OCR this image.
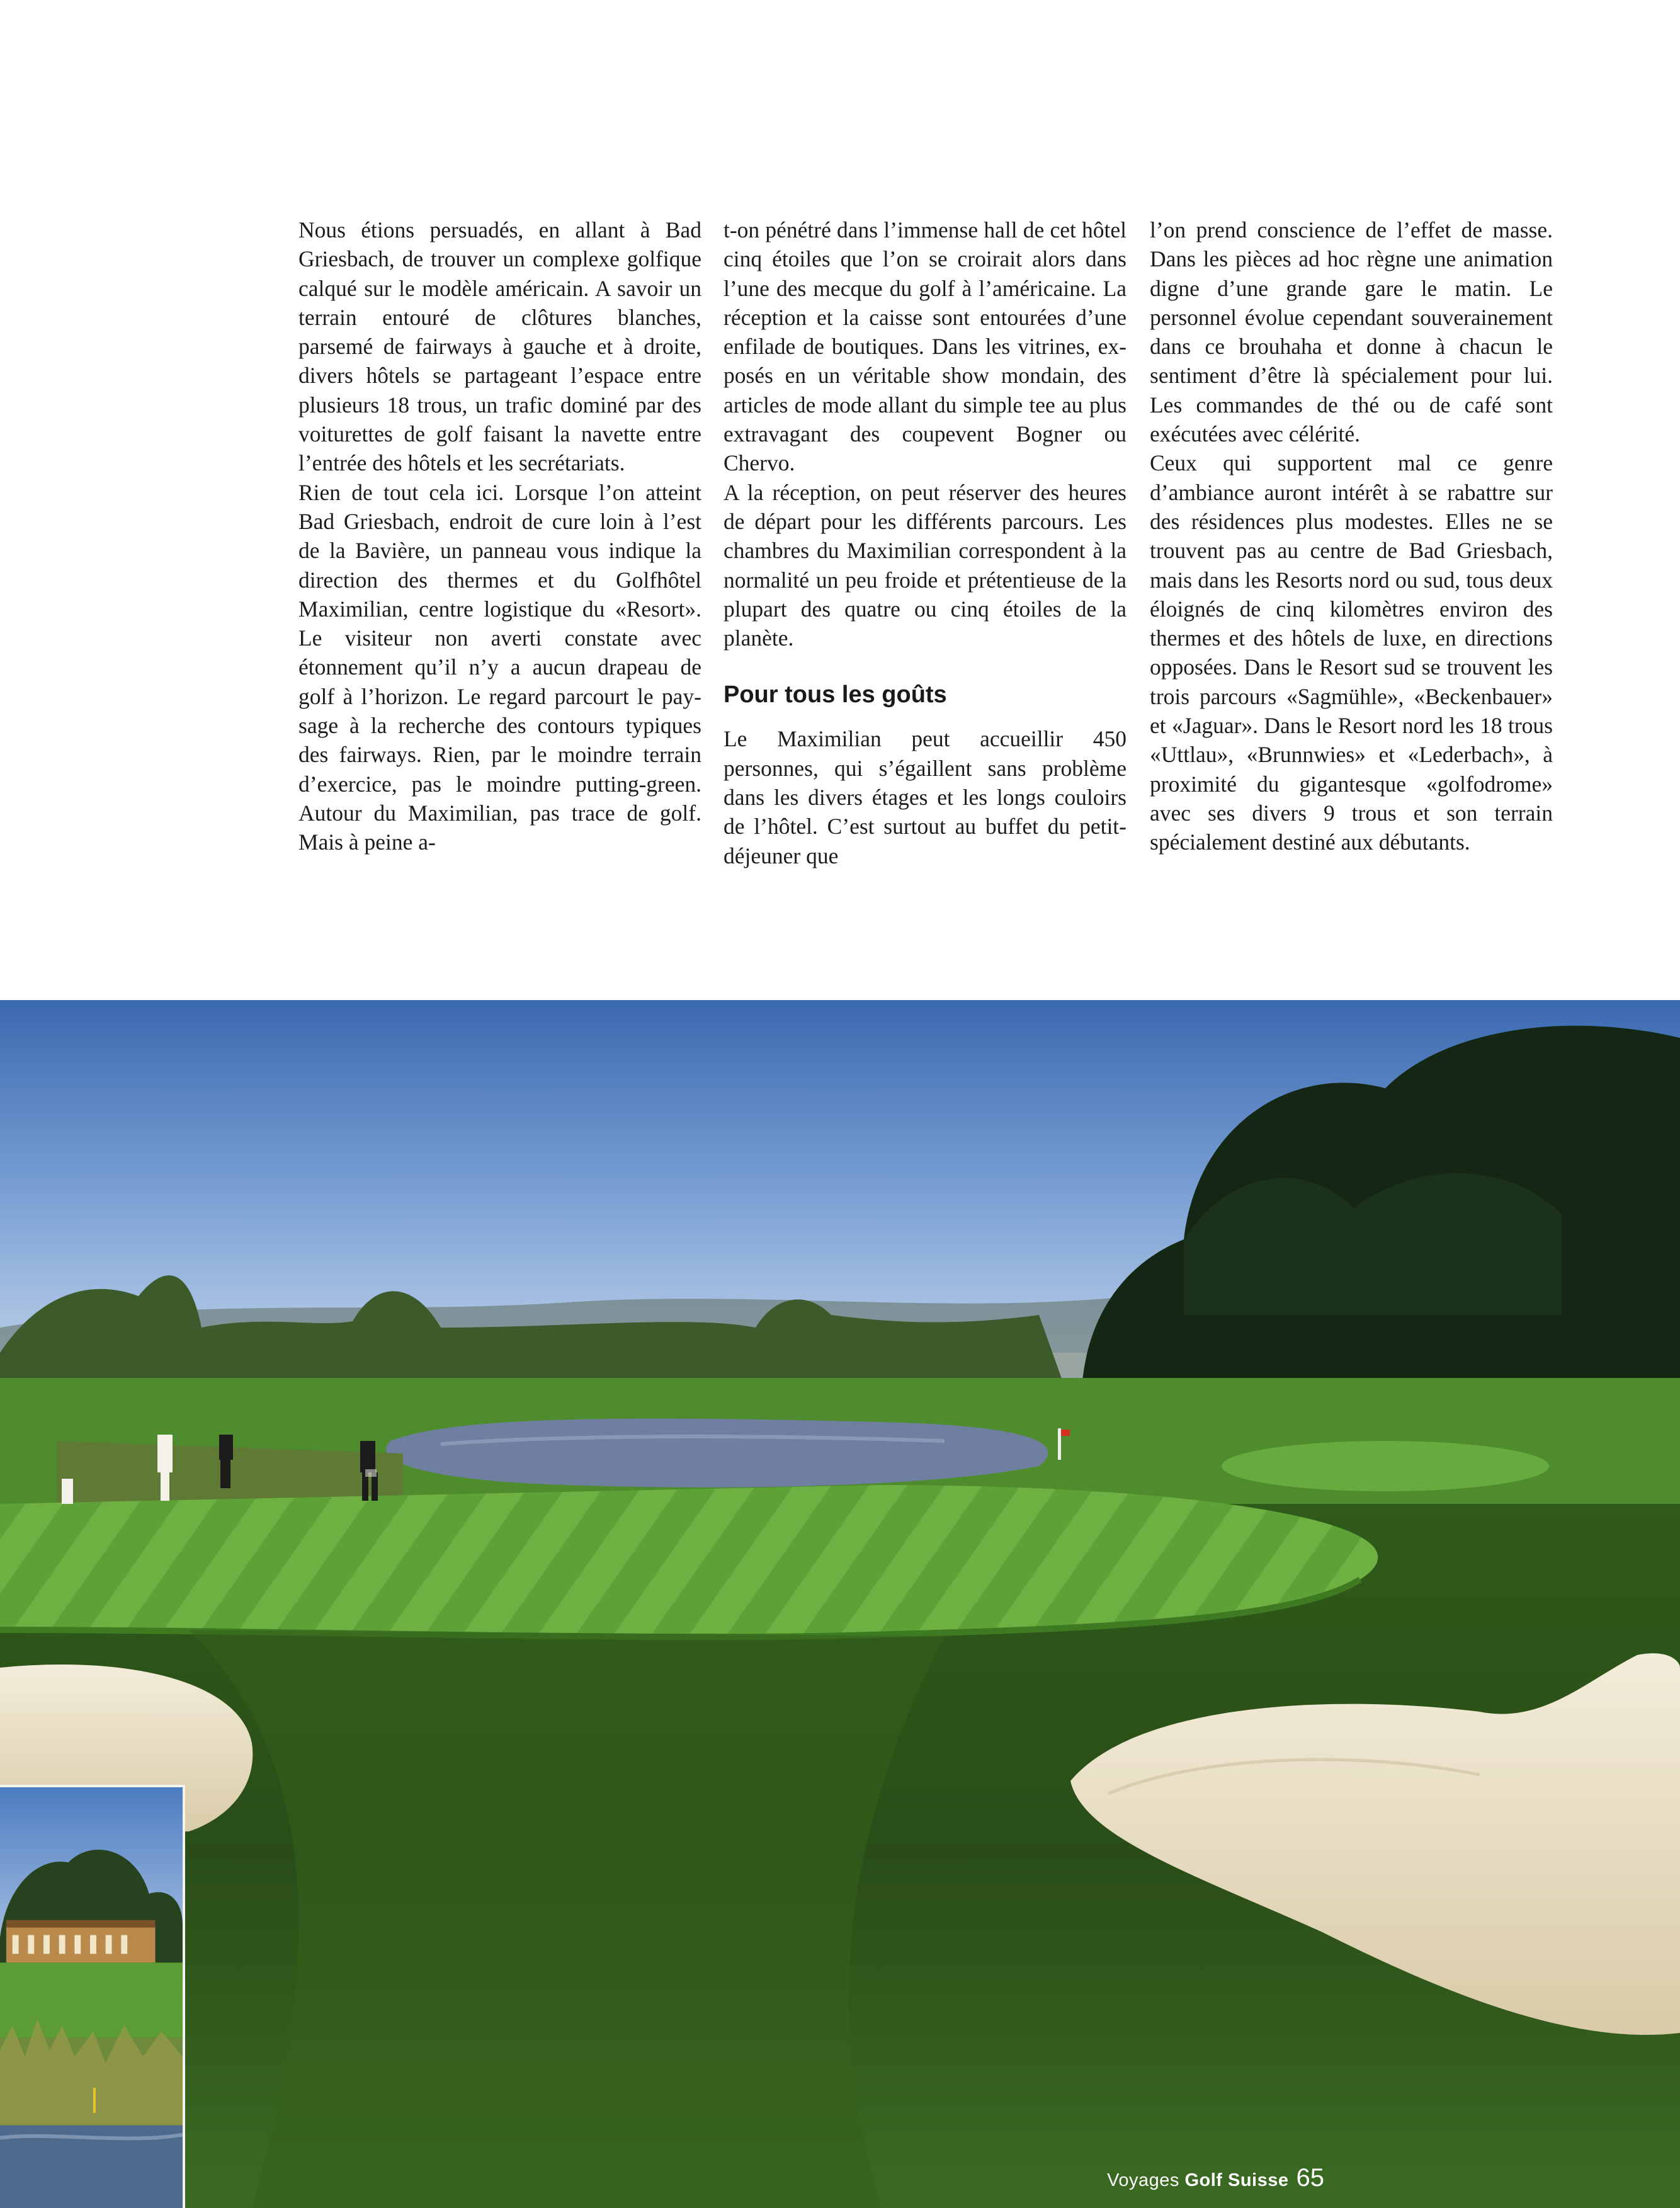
Nous étions persuadés, en allant à Bad Griesbach, de trouver un complexe golfique calqué sur le modèle américain. A savoir un terrain entouré de clôtures blanches, parsemé de fairways à gauche et à droite, divers hôtels se partageant l’espace entre plusieurs 18 trous, un trafic dominé par des voiturettes de golf faisant la navette entre l’entrée des hôtels et les secrétariats.

Rien de tout cela ici. Lorsque l’on atteint Bad Griesbach, endroit de cure loin à l’est de la Bavière, un panneau vous indique la direction des thermes et du Golfhôtel Maximilian, centre logistique du «Resort». Le visiteur non averti constate avec étonnement qu’il n’y a aucun drapeau de golf à l’horizon. Le regard parcourt le paysage à la recherche des contours typiques des fairways. Rien, par le moindre terrain d’exercice, pas le moindre putting-green. Autour du Maximilian, pas trace de golf. Mais à peine a-

t-on pénétré dans l’immense hall de cet hôtel cinq étoiles que l’on se croirait alors dans l’une des mecque du golf à l’américaine. La réception et la caisse sont entourées d’une enfilade de boutiques. Dans les vitrines, exposés en un véritable show mondain, des articles de mode allant du simple tee au plus extravagant des coupevent Bogner ou Chervo.

A la réception, on peut réserver des heures de départ pour les différents parcours. Les chambres du Maximilian correspondent à la normalité un peu froide et prétentieuse de la plupart des quatre ou cinq étoiles de la planète.

Pour tous les goûts

Le Maximilian peut accueillir 450 personnes, qui s’égaillent sans problème dans les divers étages et les longs couloirs de l’hôtel. C’est surtout au buffet du petit-déjeuner que

l’on prend conscience de l’effet de masse. Dans les pièces ad hoc règne une animation digne d’une grande gare le matin. Le personnel évolue cependant souverainement dans ce brouhaha et donne à chacun le sentiment d’être là spécialement pour lui. Les commandes de thé ou de café sont exécutées avec célérité.

Ceux qui supportent mal ce genre d’ambiance auront intérêt à se rabattre sur des résidences plus modestes. Elles ne se trouvent pas au centre de Bad Griesbach, mais dans les Resorts nord ou sud, tous deux éloignés de cinq kilomètres environ des thermes et des hôtels de luxe, en directions opposées. Dans le Resort sud se trouvent les trois parcours «Sagmühle», «Beckenbauer» et «Jaguar». Dans le Resort nord les 18 trous «Uttlau», «Brunnwies» et «Lederbach», à proximité du gigantesque «golfodrome» avec ses divers 9 trous et son terrain spécialement destiné aux débutants.

Voyages Golf Suisse 65
